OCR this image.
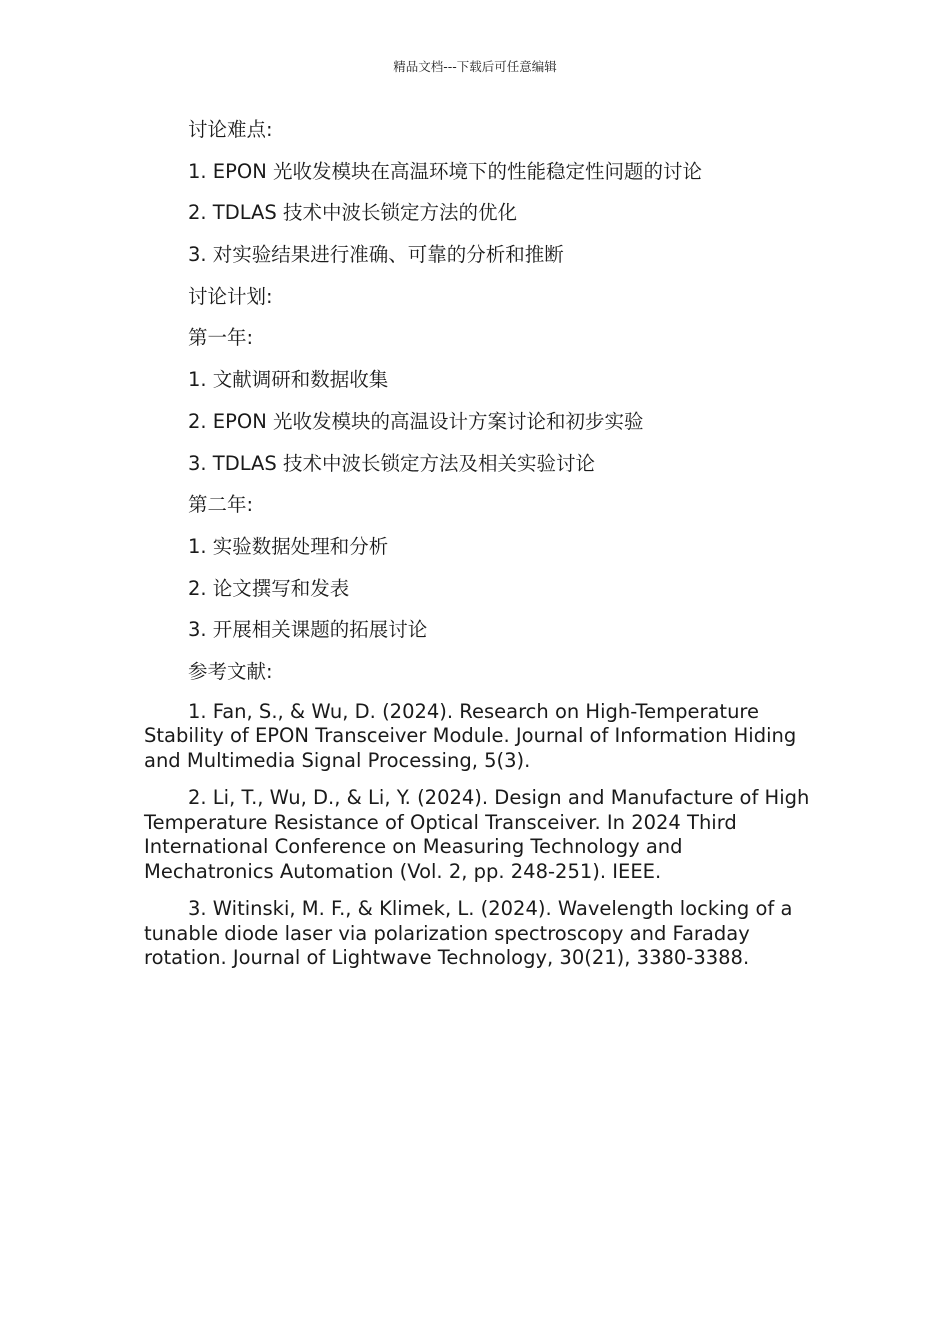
精品文档---下载后可任意编辑
讨论难点:
1. EPON 光收发模块在高温环境下的性能稳定性问题的讨论
2. TDLAS 技术中波长锁定方法的优化
3. 对实验结果进行准确、可靠的分析和推断
讨论计划:
第一年:
1. 文献调研和数据收集
2. EPON 光收发模块的高温设计方案讨论和初步实验
3. TDLAS 技术中波长锁定方法及相关实验讨论
第二年:
1. 实验数据处理和分析
2. 论文撰写和发表
3. 开展相关课题的拓展讨论
参考文献:
1. Fan, S., & Wu, D. (2024). Research on High-Temperature Stability of EPON Transceiver Module. Journal of Information Hiding and Multimedia Signal Processing, 5(3).
2. Li, T., Wu, D., & Li, Y. (2024). Design and Manufacture of High Temperature Resistance of Optical Transceiver. In 2024 Third International Conference on Measuring Technology and Mechatronics Automation (Vol. 2, pp. 248-251). IEEE.
3. Witinski, M. F., & Klimek, L. (2024). Wavelength locking of a tunable diode laser via polarization spectroscopy and Faraday rotation. Journal of Lightwave Technology, 30(21), 3380-3388.
